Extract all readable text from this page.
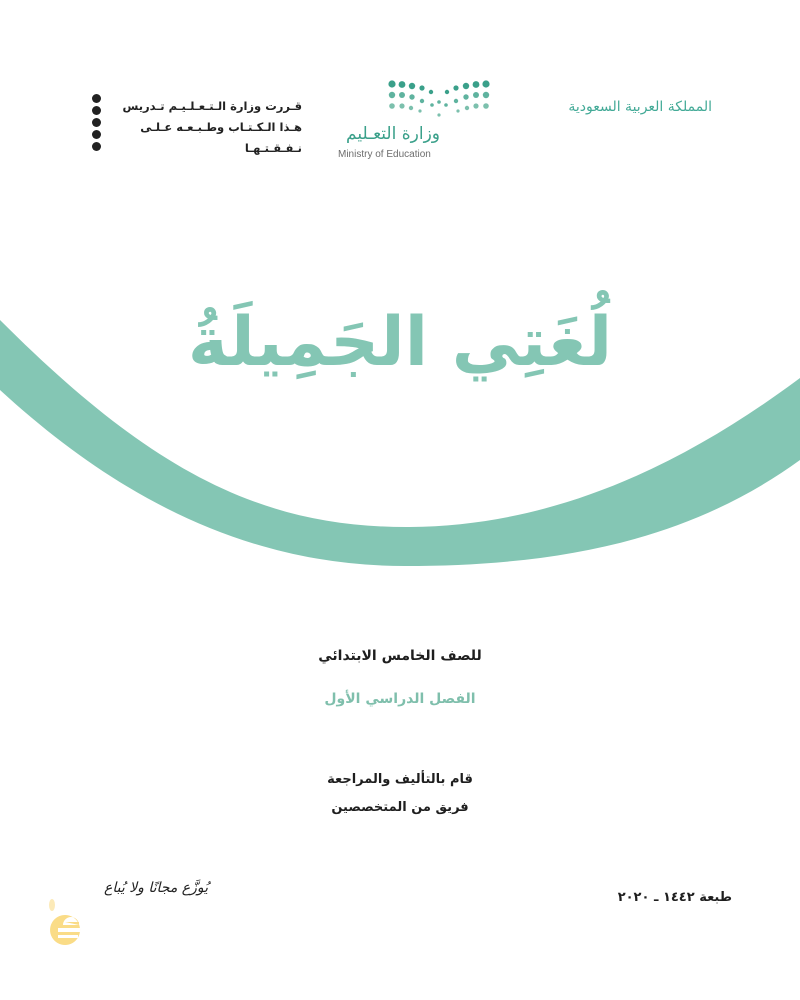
قـررت وزارة الـتـعـلـيـم تـدريس
هـذا الـكـتـاب وطـبـعـه عـلـى نـفـقـتـهـا
وزارة التعـليم
Ministry of Education
المملكة العربية السعودية
لُغَتِي الجَمِيلَةُ
للصف الخامس الابتدائي
الفصل الدراسي الأول
قام بالتأليف والمراجعة
فريق من المتخصصين
طبعة ١٤٤٢ ـ ٢٠٢٠
يُوزَّع مجانًا ولا يُباع
